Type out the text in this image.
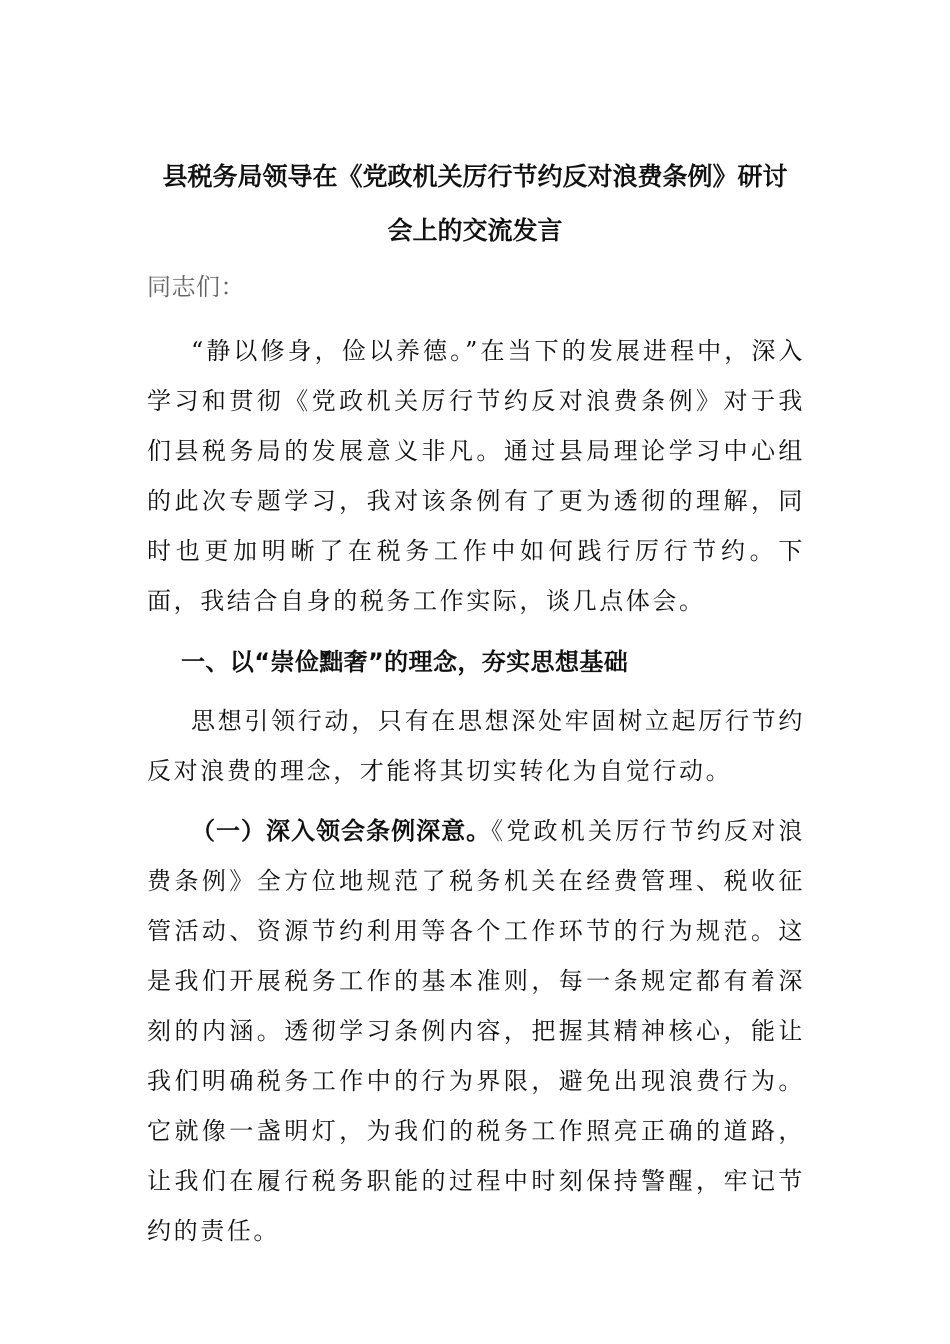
县税务局领导在《党政机关厉行节约反对浪费条例》研讨
会上的交流发言

同志们：

“静以修身，俭以养德。”在当下的发展进程中，深入学习和贯彻《党政机关厉行节约反对浪费条例》对于我们县税务局的发展意义非凡。通过县局理论学习中心组的此次专题学习，我对该条例有了更为透彻的理解，同时也更加明晰了在税务工作中如何践行厉行节约。下面，我结合自身的税务工作实际，谈几点体会。

一、以“崇俭黜奢”的理念，夯实思想基础

思想引领行动，只有在思想深处牢固树立起厉行节约反对浪费的理念，才能将其切实转化为自觉行动。

（一）深入领会条例深意。《党政机关厉行节约反对浪费条例》全方位地规范了税务机关在经费管理、税收征管活动、资源节约利用等各个工作环节的行为规范。这是我们开展税务工作的基本准则，每一条规定都有着深刻的内涵。透彻学习条例内容，把握其精神核心，能让我们明确税务工作中的行为界限，避免出现浪费行为。它就像一盏明灯，为我们的税务工作照亮正确的道路，让我们在履行税务职能的过程中时刻保持警醒，牢记节约的责任。
